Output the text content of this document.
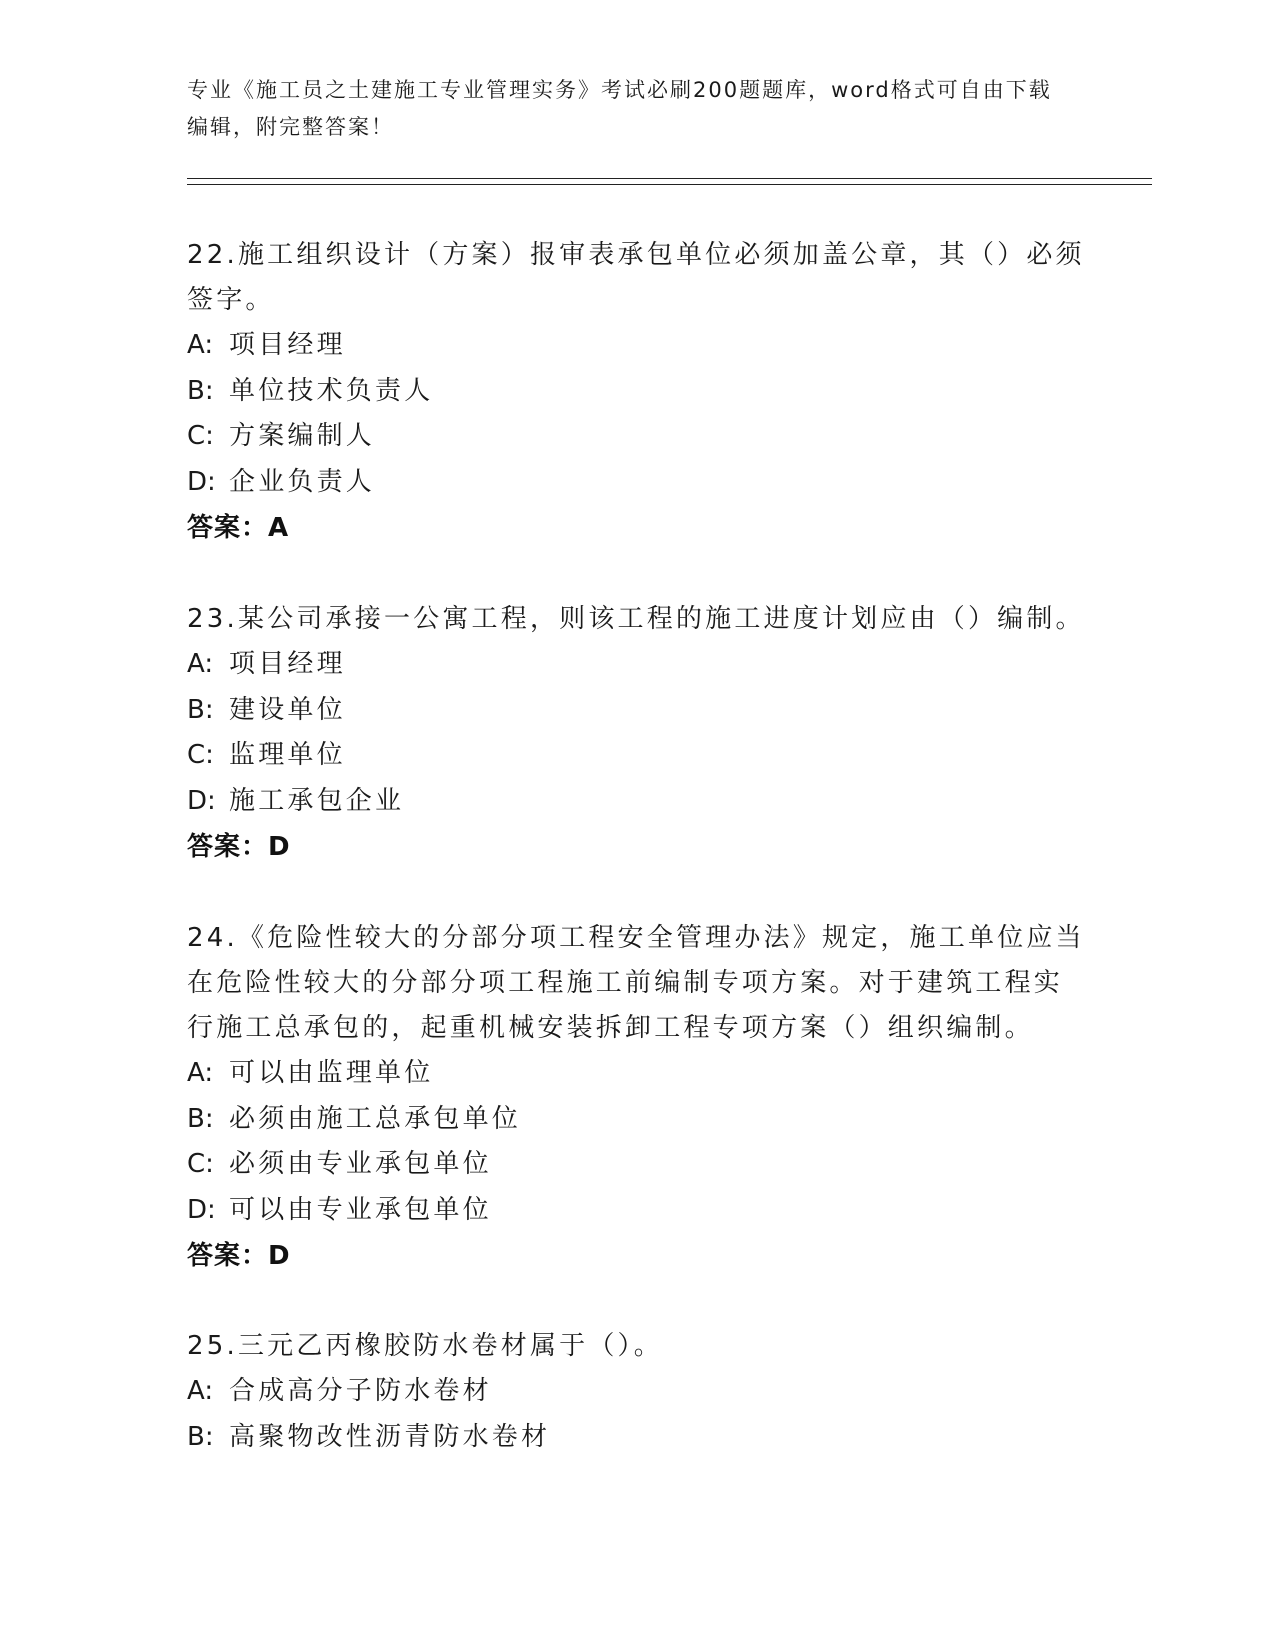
专业《施工员之土建施工专业管理实务》考试必刷200题题库，word格式可自由下载编辑，附完整答案！
22.施工组织设计（方案）报审表承包单位必须加盖公章，其（）必须签字。
A: 项目经理
B: 单位技术负责人
C: 方案编制人
D: 企业负责人
答案：A
23.某公司承接一公寓工程，则该工程的施工进度计划应由（）编制。
A: 项目经理
B: 建设单位
C: 监理单位
D: 施工承包企业
答案：D
24.《危险性较大的分部分项工程安全管理办法》规定，施工单位应当在危险性较大的分部分项工程施工前编制专项方案。对于建筑工程实行施工总承包的，起重机械安装拆卸工程专项方案（）组织编制。
A: 可以由监理单位
B: 必须由施工总承包单位
C: 必须由专业承包单位
D: 可以由专业承包单位
答案：D
25.三元乙丙橡胶防水卷材属于（）。
A: 合成高分子防水卷材
B: 高聚物改性沥青防水卷材
